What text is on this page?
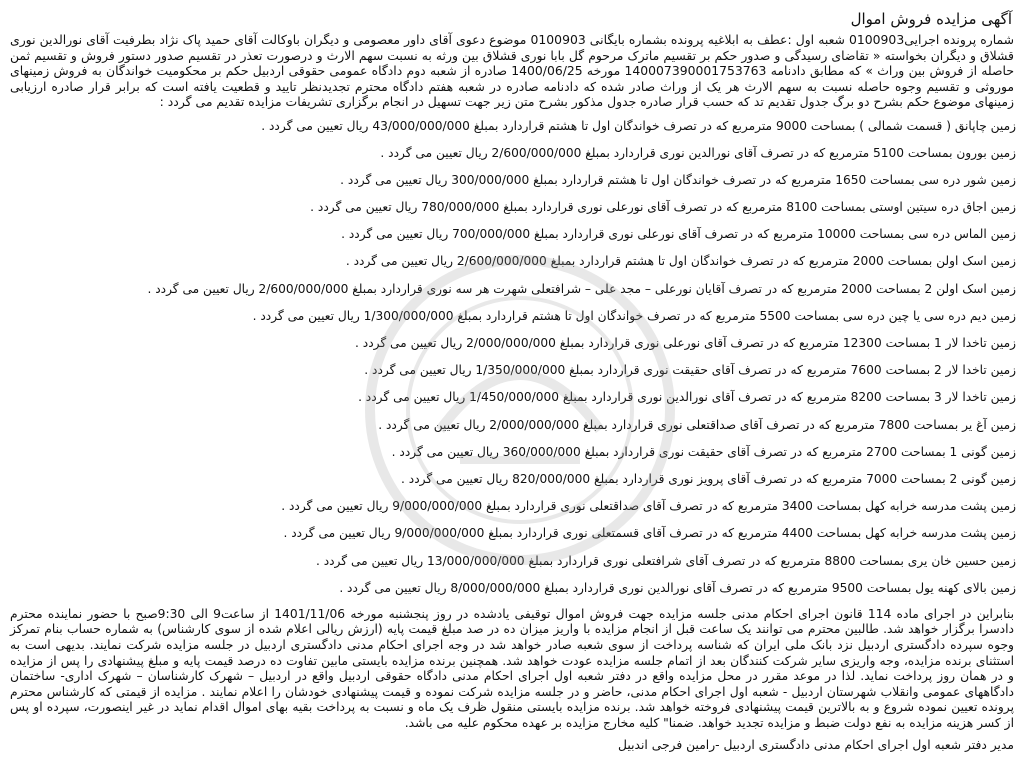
آگهی مزایده فروش اموال

شماره پرونده اجرایی0100903 شعبه اول :عطف به ابلاغیه پرونده بشماره بایگانی 0100903 موضوع دعوی آقای داور معصومی و دیگران باوکالت آقای حمید پاک نژاد بطرفیت آقای نورالدین نوری قشلاق و دیگران بخواسته « تقاضای رسیدگی و صدور حکم بر تقسیم ماترک مرحوم گل بابا نوری قشلاق بین ورثه به نسبت سهم الارث و درصورت تعذر در تقسیم صدور دستور فروش و تقسیم ثمن حاصله از فروش بین وراث » که مطابق دادنامه 14000739000175376​3 مورخه 1400/06/25 صادره از شعبه دوم دادگاه عمومی حقوقی اردبیل حکم بر محکومیت خواندگان به فروش زمینهای موروثی و تقسیم وجوه حاصله نسبت به سهم الارث هر یک از وراث صادر شده که دادنامه صادره در شعبه هفتم دادگاه محترم تجدیدنظر تایید و قطعیت یافته است که برابر قرار صادره ارزیابی زمینهای موضوع حکم بشرح دو برگ جدول تقدیم تد که حسب قرار صادره جدول مذکور بشرح متن زیر جهت تسهیل در انجام برگزاری تشریفات مزایده تقدیم می گردد :

زمین چاپانق ( قسمت شمالی ) بمساحت 9000 مترمربع که در تصرف خواندگان اول تا هشتم قراردارد بمبلغ 43/000/000/000 ریال تعیین می گردد .
زمین بورون بمساحت 5100 مترمربع که در تصرف آقای نورالدین نوری قراردارد بمبلغ 2/600/000/000 ریال تعیین می گردد .
زمین شور دره سی بمساحت 1650 مترمربع که در تصرف خواندگان اول تا هشتم قراردارد بمبلغ 300/000/000 ریال تعیین می گردد .
زمین اجاق دره سیتین اوستی بمساحت 8100 مترمربع که در تصرف آقای نورعلی نوری قراردارد بمبلغ 780/000/000 ریال تعیین می گردد .
زمین الماس دره سی بمساحت 10000 مترمربع که در تصرف آقای نورعلی نوری قراردارد بمبلغ 700/000/000 ریال تعیین می گردد .
زمین اسک اولن بمساحت 2000 مترمربع که در تصرف خواندگان اول تا هشتم قراردارد بمبلغ 2/600/000/000 ریال تعیین می گردد .
زمین اسک اولن 2 بمساحت 2000 مترمربع که در تصرف آقایان نورعلی – مجد علی – شرافتعلی شهرت هر سه نوری قراردارد بمبلغ 2/600/000/000 ریال تعیین می گردد .
زمین دیم دره سی یا چین دره سی بمساحت 5500 مترمربع که در تصرف خواندگان اول تا هشتم قراردارد بمبلغ 1/300/000/000 ریال تعیین می گردد .
زمین تاخدا لار 1 بمساحت 12300 مترمربع که در تصرف آقای نورعلی نوری قراردارد بمبلغ 2/000/000/000 ریال تعیین می گردد .
زمین تاخدا لار 2 بمساحت 7600 مترمربع که در تصرف آقای حقیقت نوری قراردارد بمبلغ 1/350/000/000 ریال تعیین می گردد .
زمین تاخدا لار 3 بمساحت 8200 مترمربع که در تصرف آقای نورالدین نوری قراردارد بمبلغ 1/450/000/000 ریال تعیین می گردد .
زمین آغ یر بمساحت 7800 مترمربع که در تصرف آقای صداقتعلی نوری قراردارد بمبلغ 2/000/000/000 ریال تعیین می گردد .
زمین گونی 1 بمساحت 2700 مترمربع که در تصرف آقای حقیقت نوری قراردارد بمبلغ 360/000/000 ریال تعیین می گردد .
زمین گونی 2 بمساحت 7000 مترمربع که در تصرف آقای پرویز نوری قراردارد بمبلغ 820/000/000 ریال تعیین می گردد .
زمین پشت مدرسه خرابه کهل بمساحت 3400 مترمربع که در تصرف آقای صداقتعلی نوری قراردارد بمبلغ 9/000/000/000 ریال تعیین می گردد .
زمین پشت مدرسه خرابه کهل بمساحت 4400 مترمربع که در تصرف آقای قسمتعلی نوری قراردارد بمبلغ 9/000/000/000 ریال تعیین می گردد .
زمین حسین خان یری بمساحت 8800 مترمربع که در تصرف آقای شرافتعلی نوری قراردارد بمبلغ 13/000/000/000 ریال تعیین می گردد .
زمین بالای کهنه یول بمساحت 9500 مترمربع که در تصرف آقای نورالدین نوری قراردارد بمبلغ 8/000/000/000 ریال تعیین می گردد .
بنابراین در اجرای ماده 114 قانون اجرای احکام مدنی جلسه مزایده جهت فروش اموال توقیفی یادشده در روز پنجشنبه مورخه 1401/11/06 از ساعت9 الی 9:30صبح با حضور نماینده محترم دادسرا برگزار خواهد شد. طالبین محترم می توانند یک ساعت قبل از انجام مزایده با واریز میزان ده در صد مبلغ قیمت پایه (ارزش ریالی اعلام شده از سوی کارشناس) به شماره حساب بنام تمرکز وجوه سپرده دادگستری اردبیل نزد بانک ملی ایران که شناسه پرداخت از سوی شعبه صادر خواهد شد در وجه اجرای احکام مدنی دادگستری اردبیل در جلسه مزایده شرکت نمایند. بدیهی است به استثنای برنده مزایده، وجه واریزی سایر شرکت کنندگان بعد از اتمام جلسه مزایده عودت خواهد شد. همچنین برنده مزایده بایستی مابین تفاوت ده درصد قیمت پایه و مبلغ پیشنهادی را پس از مزایده و در همان روز پرداخت نماید. لذا در موعد مقرر در محل مزایده واقع در دفتر شعبه اول اجرای احکام مدنی دادگاه حقوقی اردبیل واقع در اردبیل – شهرک کارشناسان – شهرک اداری- ساختمان دادگاههای عمومی وانقلاب شهرستان اردبیل - شعبه اول اجرای احکام مدنی، حاضر و در جلسه مزایده شرکت نموده و قیمت پیشنهادی خودشان را اعلام نمایند . مزایده از قیمتی که کارشناس محترم پرونده تعیین نموده شروع و به بالاترین قیمت پیشنهادی فروخته خواهد شد. برنده مزایده بایستی منقول ظرف یک ماه و نسبت به پرداخت بقیه بهای اموال اقدام نماید در غیر اینصورت، سپرده او پس از کسر هزینه مزایده به نفع دولت ضبط و مزایده تجدید خواهد. ضمنا" کلیه مخارج مزایده بر عهده محکوم علیه می باشد.
مدیر دفتر شعبه اول اجرای احکام مدنی دادگستری اردبیل -رامین فرجی اندبیل
